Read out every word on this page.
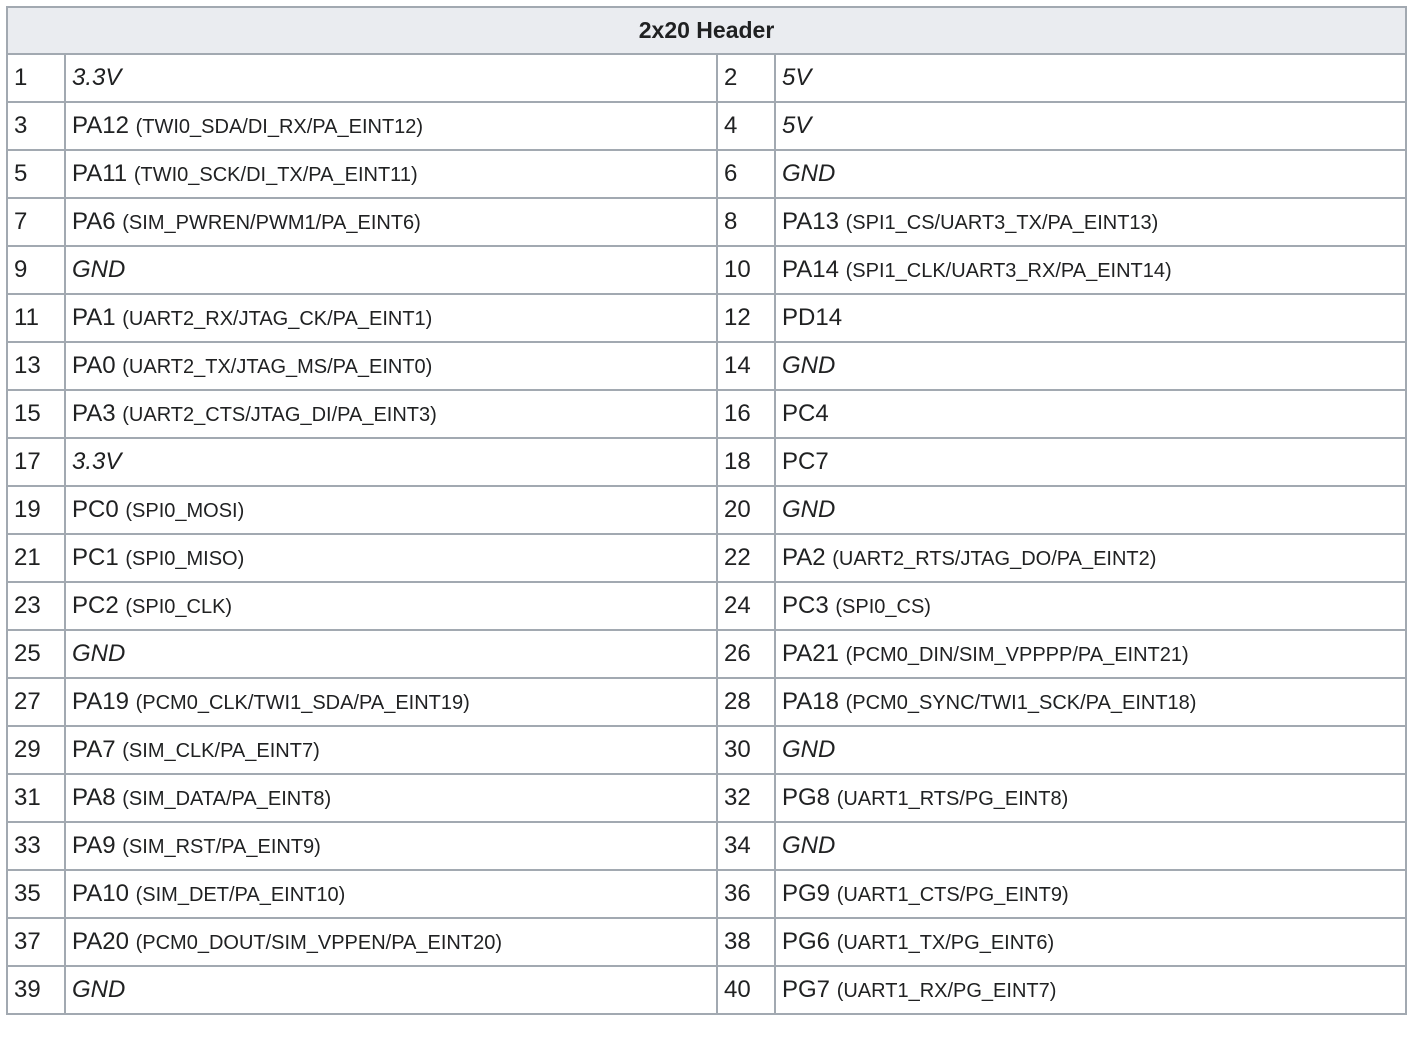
2x20 Header			
1	3.3V	2	5V
3	PA12 (TWI0_SDA/DI_RX/PA_EINT12)	4	5V
5	PA11 (TWI0_SCK/DI_TX/PA_EINT11)	6	GND
7	PA6 (SIM_PWREN/PWM1/PA_EINT6)	8	PA13 (SPI1_CS/UART3_TX/PA_EINT13)
9	GND	10	PA14 (SPI1_CLK/UART3_RX/PA_EINT14)
11	PA1 (UART2_RX/JTAG_CK/PA_EINT1)	12	PD14
13	PA0 (UART2_TX/JTAG_MS/PA_EINT0)	14	GND
15	PA3 (UART2_CTS/JTAG_DI/PA_EINT3)	16	PC4
17	3.3V	18	PC7
19	PC0 (SPI0_MOSI)	20	GND
21	PC1 (SPI0_MISO)	22	PA2 (UART2_RTS/JTAG_DO/PA_EINT2)
23	PC2 (SPI0_CLK)	24	PC3 (SPI0_CS)
25	GND	26	PA21 (PCM0_DIN/SIM_VPPPP/PA_EINT21)
27	PA19 (PCM0_CLK/TWI1_SDA/PA_EINT19)	28	PA18 (PCM0_SYNC/TWI1_SCK/PA_EINT18)
29	PA7 (SIM_CLK/PA_EINT7)	30	GND
31	PA8 (SIM_DATA/PA_EINT8)	32	PG8 (UART1_RTS/PG_EINT8)
33	PA9 (SIM_RST/PA_EINT9)	34	GND
35	PA10 (SIM_DET/PA_EINT10)	36	PG9 (UART1_CTS/PG_EINT9)
37	PA20 (PCM0_DOUT/SIM_VPPEN/PA_EINT20)	38	PG6 (UART1_TX/PG_EINT6)
39	GND	40	PG7 (UART1_RX/PG_EINT7)
